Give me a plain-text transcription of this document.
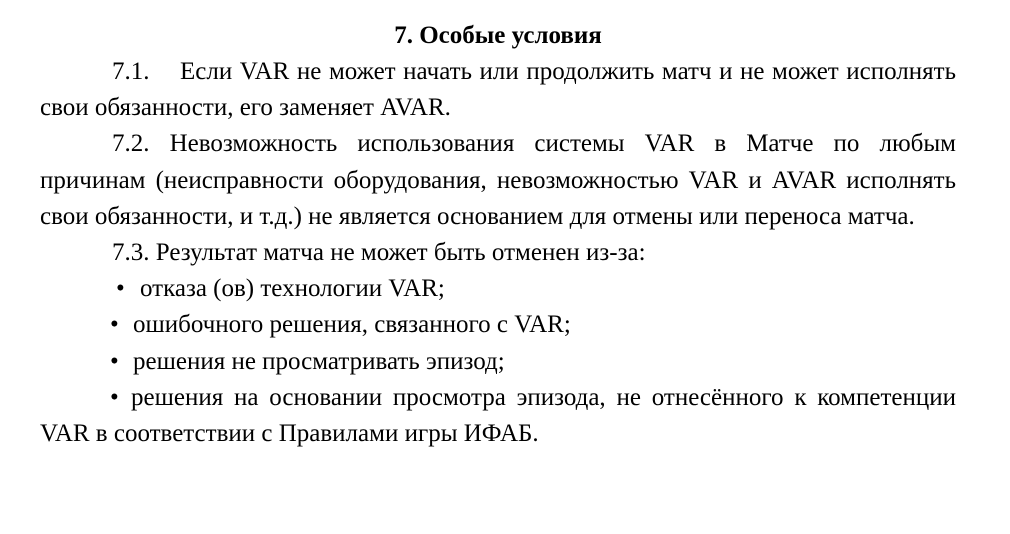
7. Особые условия

7.1. Если VAR не может начать или продолжить матч и не может исполнять свои обязанности, его заменяет AVAR.

7.2. Невозможность использования системы VAR в Матче по любым причинам (неисправности оборудования, невозможностью VAR и AVAR исполнять свои обязанности, и т.д.) не является основанием для отмены или переноса матча.

7.3. Результат матча не может быть отменен из-за:

• отказа (ов) технологии VAR;

• ошибочного решения, связанного с VAR;

• решения не просматривать эпизод;

• решения на основании просмотра эпизода, не отнесённого к компетенции VAR в соответствии с Правилами игры ИФАБ.
